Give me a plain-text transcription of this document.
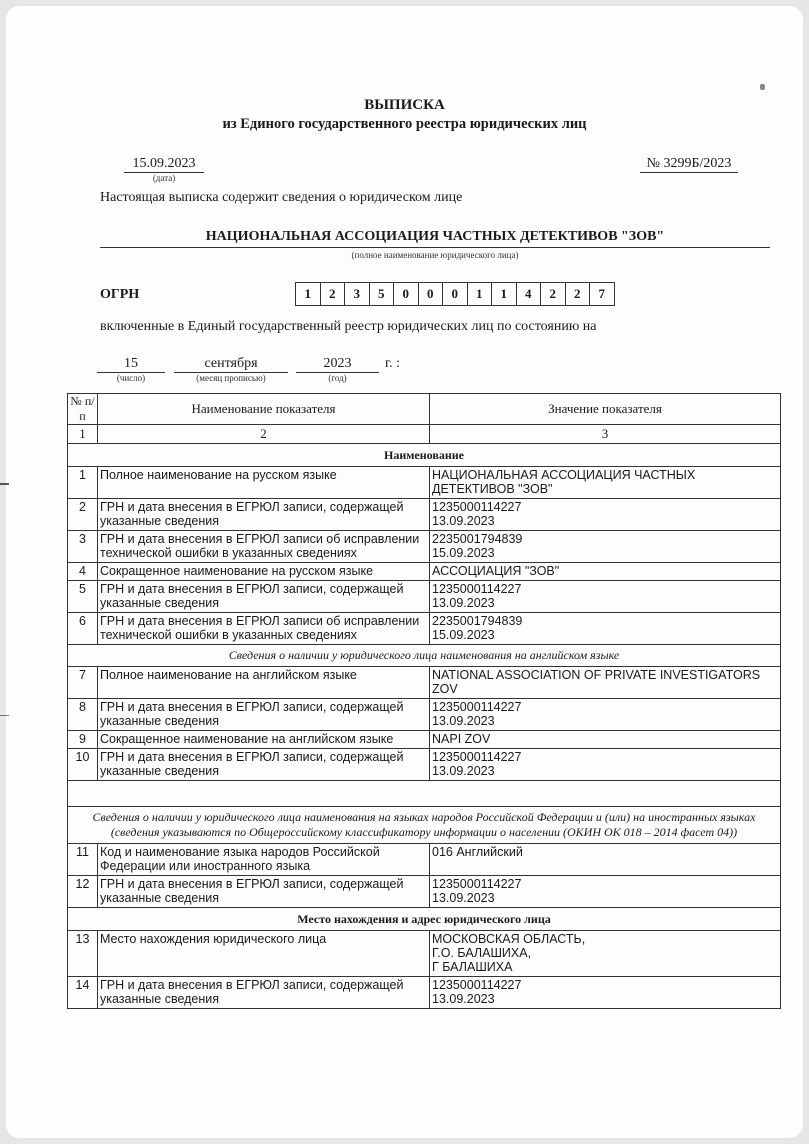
ВЫПИСКА
из Единого государственного реестра юридических лиц
15.09.2023
(дата)
№ 3299Б/2023
Настоящая выписка содержит сведения о юридическом лице
НАЦИОНАЛЬНАЯ АССОЦИАЦИЯ ЧАСТНЫХ ДЕТЕКТИВОВ "ЗОВ"
(полное наименование юридического лица)
ОГРН	1	2	3	5	0	0	0	1	1	4	2	2	7
включенные в Единый государственный реестр юридических лиц по состоянию на
15
(число)
сентября
(месяц прописью)
2023
(год)
г. :
№ п/п	Наименование показателя	Значение показателя
1	2	3
Наименование		
1	Полное наименование на русском языке	НАЦИОНАЛЬНАЯ АССОЦИАЦИЯ ЧАСТНЫХ ДЕТЕКТИВОВ "ЗОВ"
2	ГРН и дата внесения в ЕГРЮЛ записи, содержащей указанные сведения	1235000114227
13.09.2023

3	ГРН и дата внесения в ЕГРЮЛ записи об исправлении технической ошибки в указанных сведениях	2235001794839
15.09.2023

4	Сокращенное наименование на русском языке	АССОЦИАЦИЯ "ЗОВ"
5	ГРН и дата внесения в ЕГРЮЛ записи, содержащей указанные сведения	1235000114227
13.09.2023

6	ГРН и дата внесения в ЕГРЮЛ записи об исправлении технической ошибки в указанных сведениях	2235001794839
15.09.2023

Сведения о наличии у юридического лица наименования на английском языке		
7	Полное наименование на английском языке	NATIONAL ASSOCIATION OF PRIVATE INVESTIGATORS ZOV
8	ГРН и дата внесения в ЕГРЮЛ записи, содержащей указанные сведения	1235000114227
13.09.2023

9	Сокращенное наименование на английском языке	NAPI ZOV
10	ГРН и дата внесения в ЕГРЮЛ записи, содержащей указанные сведения	1235000114227
13.09.2023

Сведения о наличии у юридического лица наименования на языках народов Российской Федерации и (или) на иностранных языках
(сведения указываются по Общероссийскому классификатору информации о населении (ОКИН ОК 018 – 2014 фасет 04))		

11	Код и наименование языка народов Российской Федерации или иностранного языка	016 Английский
12	ГРН и дата внесения в ЕГРЮЛ записи, содержащей указанные сведения	1235000114227
13.09.2023

Место нахождения и адрес юридического лица		
13	Место нахождения юридического лица	МОСКОВСКАЯ ОБЛАСТЬ,
Г.О. БАЛАШИХА,
Г БАЛАШИХА

14	ГРН и дата внесения в ЕГРЮЛ записи, содержащей указанные сведения	1235000114227
13.09.2023
